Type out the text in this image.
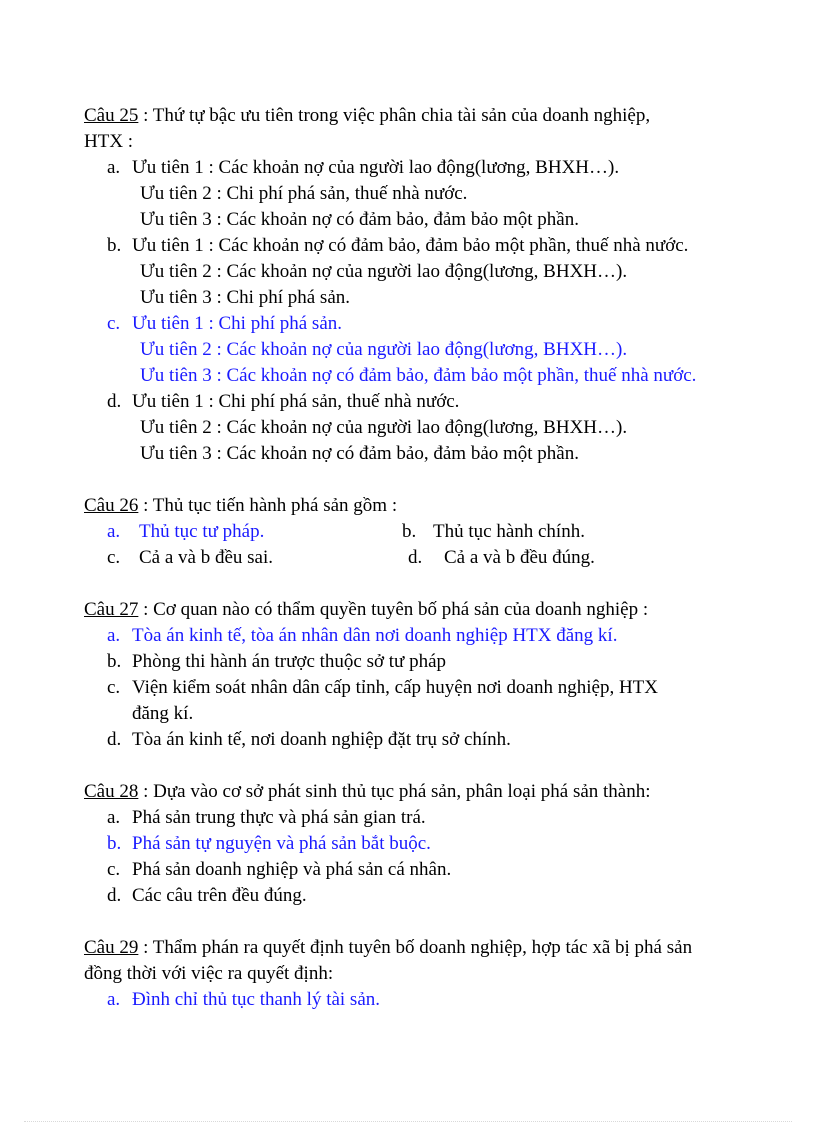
Câu 25 : Thứ tự bậc ưu tiên trong việc phân chia tài sản của doanh nghiệp,
HTX :
a. Ưu tiên 1 : Các khoản nợ của người lao động(lương, BHXH…).
Ưu tiên 2 : Chi phí phá sản, thuế nhà nước.
Ưu tiên 3 : Các khoản nợ có đảm bảo, đảm bảo một phần.
b. Ưu tiên 1 : Các khoản nợ có đảm bảo, đảm bảo một phần, thuế nhà nước.
Ưu tiên 2 : Các khoản nợ của người lao động(lương, BHXH…).
Ưu tiên 3 : Chi phí phá sản.
c. Ưu tiên 1 : Chi phí phá sản.
Ưu tiên 2 : Các khoản nợ của người lao động(lương, BHXH…).
Ưu tiên 3 : Các khoản nợ có đảm bảo, đảm bảo một phần, thuế nhà nước.
d. Ưu tiên 1 : Chi phí phá sản, thuế nhà nước.
Ưu tiên 2 : Các khoản nợ của người lao động(lương, BHXH…).
Ưu tiên 3 : Các khoản nợ có đảm bảo, đảm bảo một phần.
Câu 26 : Thủ tục tiến hành phá sản gồm :
a. Thủ tục tư pháp.	b. Thủ tục hành chính.
c. Cả a và b đều sai.	d. Cả a và b đều đúng.
Câu 27 : Cơ quan nào có thẩm quyền tuyên bố phá sản của doanh nghiệp :
a. Tòa án kinh tế, tòa án nhân dân nơi doanh nghiệp HTX đăng kí.
b. Phòng thi hành án trược thuộc sở tư pháp
c. Viện kiểm soát nhân dân cấp tỉnh, cấp huyện nơi doanh nghiệp, HTX
đăng kí.
d. Tòa án kinh tế, nơi doanh nghiệp đặt trụ sở chính.
Câu 28 : Dựa vào cơ sở phát sinh thủ tục phá sản, phân loại phá sản thành:
a. Phá sản trung thực và phá sản gian trá.
b. Phá sản tự nguyện và phá sản bắt buộc.
c. Phá sản doanh nghiệp và phá sản cá nhân.
d. Các câu trên đều đúng.
Câu 29 : Thẩm phán ra quyết định tuyên bố doanh nghiệp, hợp tác xã bị phá sản
đồng thời với việc ra quyết định:
a. Đình chỉ thủ tục thanh lý tài sản.
